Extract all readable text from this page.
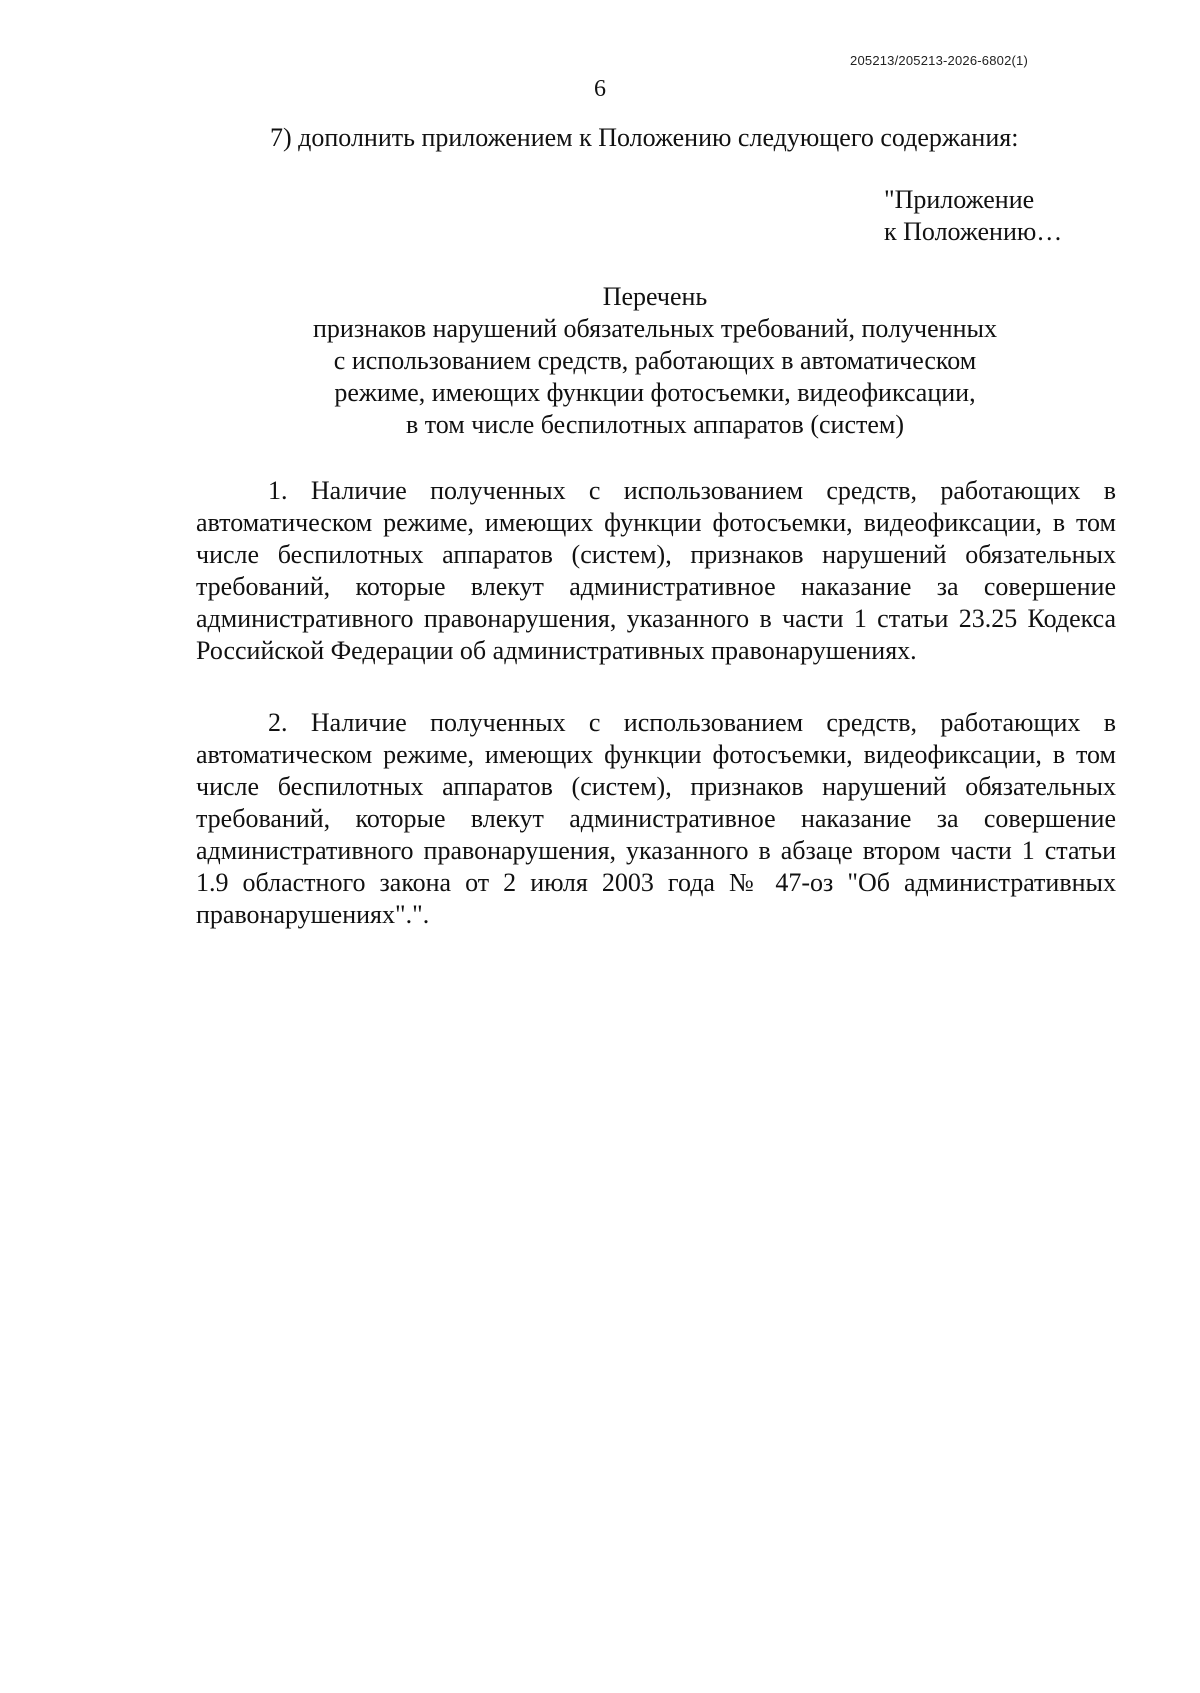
205213/205213-2026-6802(1)
6
7) дополнить приложением к Положению следующего содержания:
"Приложение
к Положению…
Перечень
признаков нарушений обязательных требований, полученных
с использованием средств, работающих в автоматическом
режиме, имеющих функции фотосъемки, видеофиксации,
в том числе беспилотных аппаратов (систем)

1. Наличие полученных с использованием средств, работающих в автоматическом режиме, имеющих функции фотосъемки, видеофиксации, в том числе беспилотных аппаратов (систем), признаков нарушений обязательных требований, которые влекут административное наказание за совершение административного правонарушения, указанного в части 1 статьи 23.25 Кодекса Российской Федерации об административных правонарушениях.

2. Наличие полученных с использованием средств, работающих в автоматическом режиме, имеющих функции фотосъемки, видеофиксации, в том числе беспилотных аппаратов (систем), признаков нарушений обязательных требований, которые влекут административное наказание за совершение административного правонарушения, указанного в абзаце втором части 1 статьи 1.9 областного закона от 2 июля 2003 года № 47-оз "Об административных правонарушениях".".
